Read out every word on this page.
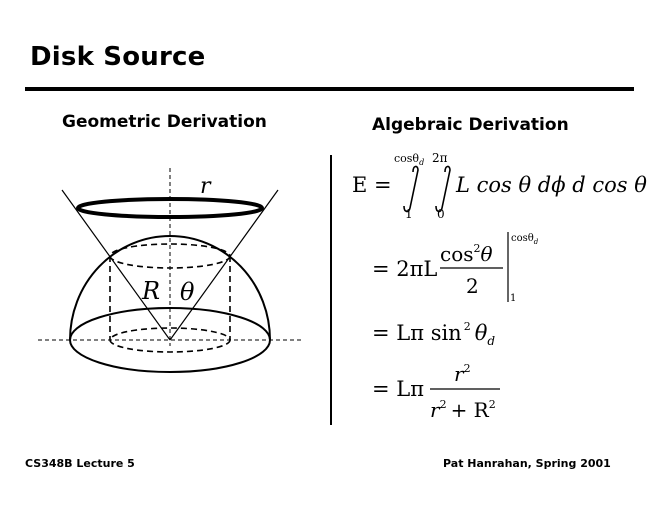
Disk Source
Geometric Derivation	Algebraic Derivation
r
R θ
E =
cosθ$_d$
1
2π
0
L cos θ dϕ d cos θ
= 2πL
$\cos^2\theta$
2
cosθ$_d$
1
= Lπ sin $^2$ $\theta_d$
= Lπ
$r^2$
$r^2 + R^2$
CS348B Lecture 5	Pat Hanrahan, Spring 2001
